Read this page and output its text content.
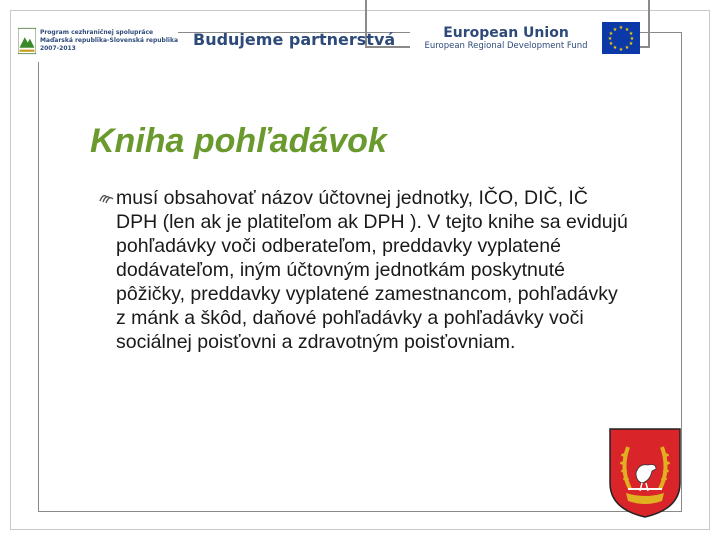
Program cezhraničnej spolupráce
Maďarská republika-Slovenská republika
2007-2013	Budujeme partnerstvá	European Union
European Regional Development Fund
★ ★
★
★
★
★
★
★
★
★
★
★
Kniha pohľadávok

musí obsahovať názov účtovnej jednotky, IČO, DIČ, IČ DPH (len ak je platiteľom ak DPH ). V tejto knihe sa evidujú pohľadávky voči odberateľom, preddavky vyplatené dodávateľom, iným účtovným jednotkám poskytnuté pôžičky, preddavky vyplatené zamestnancom, pohľadávky z mánk a škôd, daňové pohľadávky a pohľadávky voči sociálnej poisťovni a zdravotným poisťovniam.
